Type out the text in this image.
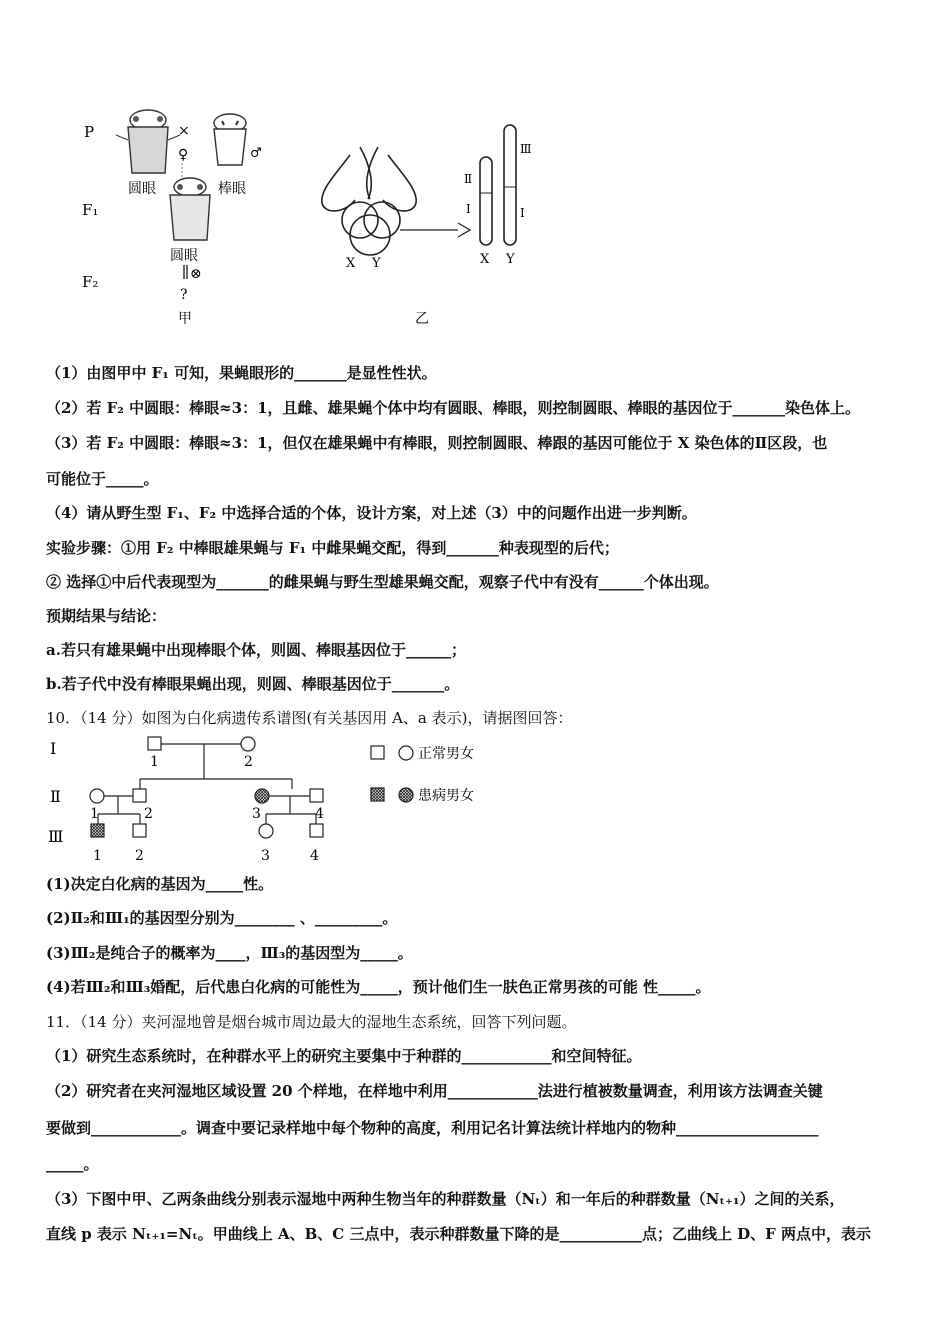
P
F₁
F₂
圆眼
×
♀	♂
棒眼
圆眼
⊗
?
甲
X Y
Ⅱ
Ⅰ
X
Ⅲ
Ⅰ
Y
乙
（1）由图甲中 F₁ 可知，果蝇眼形的_______是显性性状。
（2）若 F₂ 中圆眼：棒眼≈3：1，且雌、雄果蝇个体中均有圆眼、棒眼，则控制圆眼、棒眼的基因位于_______染色体上。
（3）若 F₂ 中圆眼：棒眼≈3：1，但仅在雄果蝇中有棒眼，则控制圆眼、棒跟的基因可能位于 X 染色体的Ⅱ区段，也
可能位于_____。
（4）请从野生型 F₁、F₂ 中选择合适的个体，设计方案，对上述（3）中的问题作出进一步判断。
实验步骤：①用 F₂ 中棒眼雄果蝇与 F₁ 中雌果蝇交配，得到_______种表现型的后代；
② 选择①中后代表现型为_______的雌果蝇与野生型雄果蝇交配，观察子代中有没有______个体出现。
预期结果与结论：
a.若只有雄果蝇中出现棒眼个体，则圆、棒眼基因位于______；
b.若子代中没有棒眼果蝇出现，则圆、棒眼基因位于_______。
10．（14 分）如图为白化病遗传系谱图(有关基因用 A、a 表示)，请据图回答：
Ⅰ
Ⅱ
Ⅲ
1	2
1	2	3	4
1 2	3	4
正常男女
患病男女
(1)决定白化病的基因为_____性。
(2)Ⅱ₂和Ⅲ₁的基因型分别为________ 、_________。
(3)Ⅲ₂是纯合子的概率为____，Ⅲ₃的基因型为_____。
(4)若Ⅲ₂和Ⅲ₃婚配，后代患白化病的可能性为_____，预计他们生一肤色正常男孩的可能 性_____。
11．（14 分）夹河湿地曾是烟台城市周边最大的湿地生态系统，回答下列问题。
（1）研究生态系统时，在种群水平上的研究主要集中于种群的____________和空间特征。
（2）研究者在夹河湿地区域设置 20 个样地，在样地中利用____________法进行植被数量调查，利用该方法调查关键
要做到____________。调查中要记录样地中每个物种的高度，利用记名计算法统计样地内的物种___________________
_____。
（3）下图中甲、乙两条曲线分别表示湿地中两种生物当年的种群数量（Nₜ）和一年后的种群数量（Nₜ₊₁）之间的关系，
直线 p 表示 Nₜ₊₁=Nₜ。甲曲线上 A、B、C 三点中，表示种群数量下降的是___________点；乙曲线上 D、F 两点中，表示
